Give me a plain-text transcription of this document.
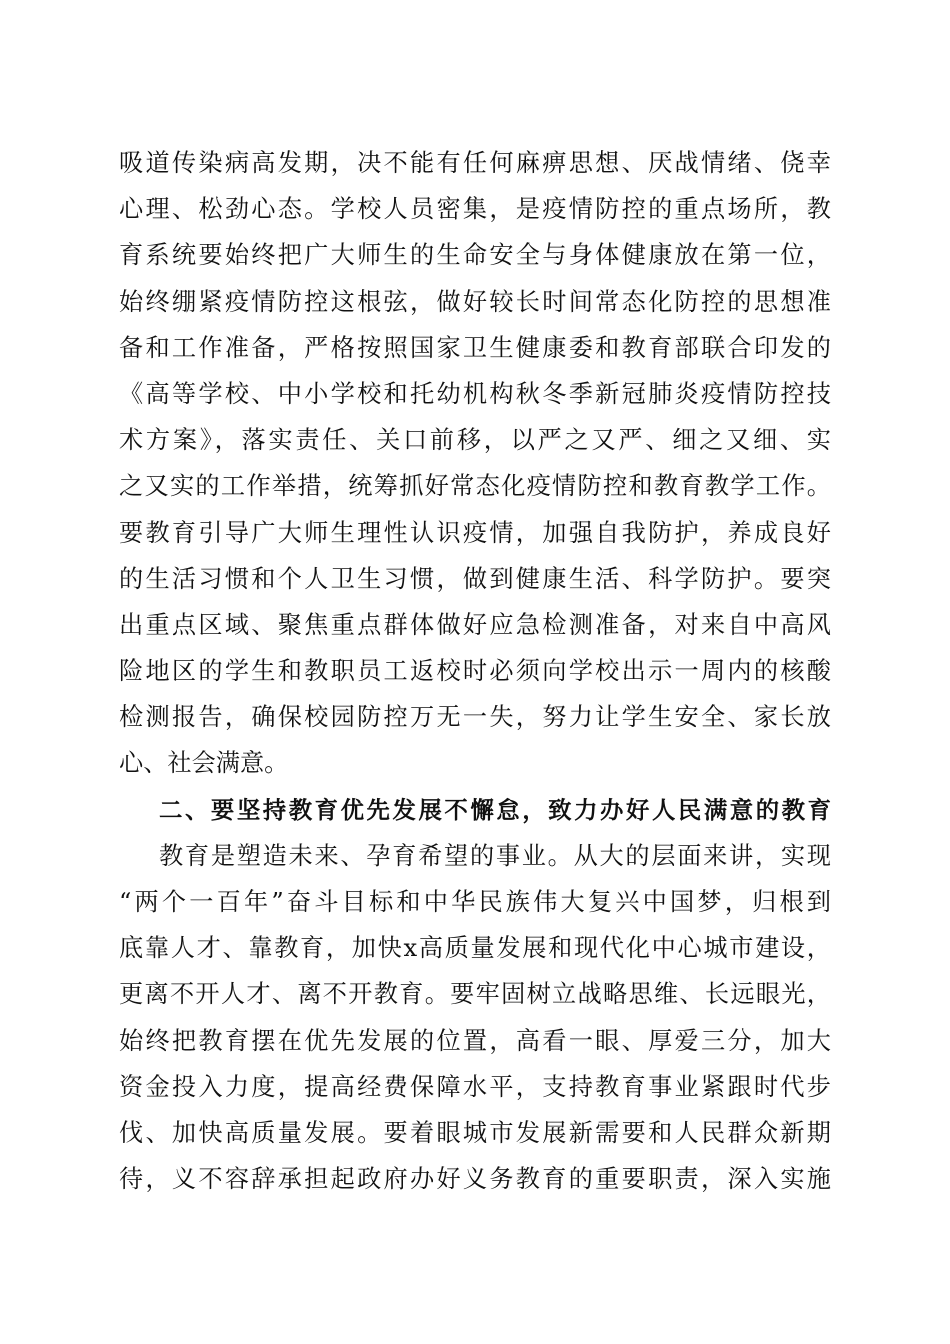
吸道传染病高发期，决不能有任何麻痹思想、厌战情绪、侥幸
心理、松劲心态。学校人员密集，是疫情防控的重点场所，教
育系统要始终把广大师生的生命安全与身体健康放在第一位，
始终绷紧疫情防控这根弦，做好较长时间常态化防控的思想准
备和工作准备，严格按照国家卫生健康委和教育部联合印发的
《高等学校、中小学校和托幼机构秋冬季新冠肺炎疫情防控技
术方案》，落实责任、关口前移，以严之又严、细之又细、实
之又实的工作举措，统筹抓好常态化疫情防控和教育教学工作。
要教育引导广大师生理性认识疫情，加强自我防护，养成良好
的生活习惯和个人卫生习惯，做到健康生活、科学防护。要突
出重点区域、聚焦重点群体做好应急检测准备，对来自中高风
险地区的学生和教职员工返校时必须向学校出示一周内的核酸
检测报告，确保校园防控万无一失，努力让学生安全、家长放
心、社会满意。
二、要坚持教育优先发展不懈怠，致力办好人民满意的教育
教育是塑造未来、孕育希望的事业。从大的层面来讲，实现
“两个一百年”奋斗目标和中华民族伟大复兴中国梦，归根到
底靠人才、靠教育，加快x高质量发展和现代化中心城市建设，
更离不开人才、离不开教育。要牢固树立战略思维、长远眼光，
始终把教育摆在优先发展的位置，高看一眼、厚爱三分，加大
资金投入力度，提高经费保障水平，支持教育事业紧跟时代步
伐、加快高质量发展。要着眼城市发展新需要和人民群众新期
待，义不容辞承担起政府办好义务教育的重要职责，深入实施
